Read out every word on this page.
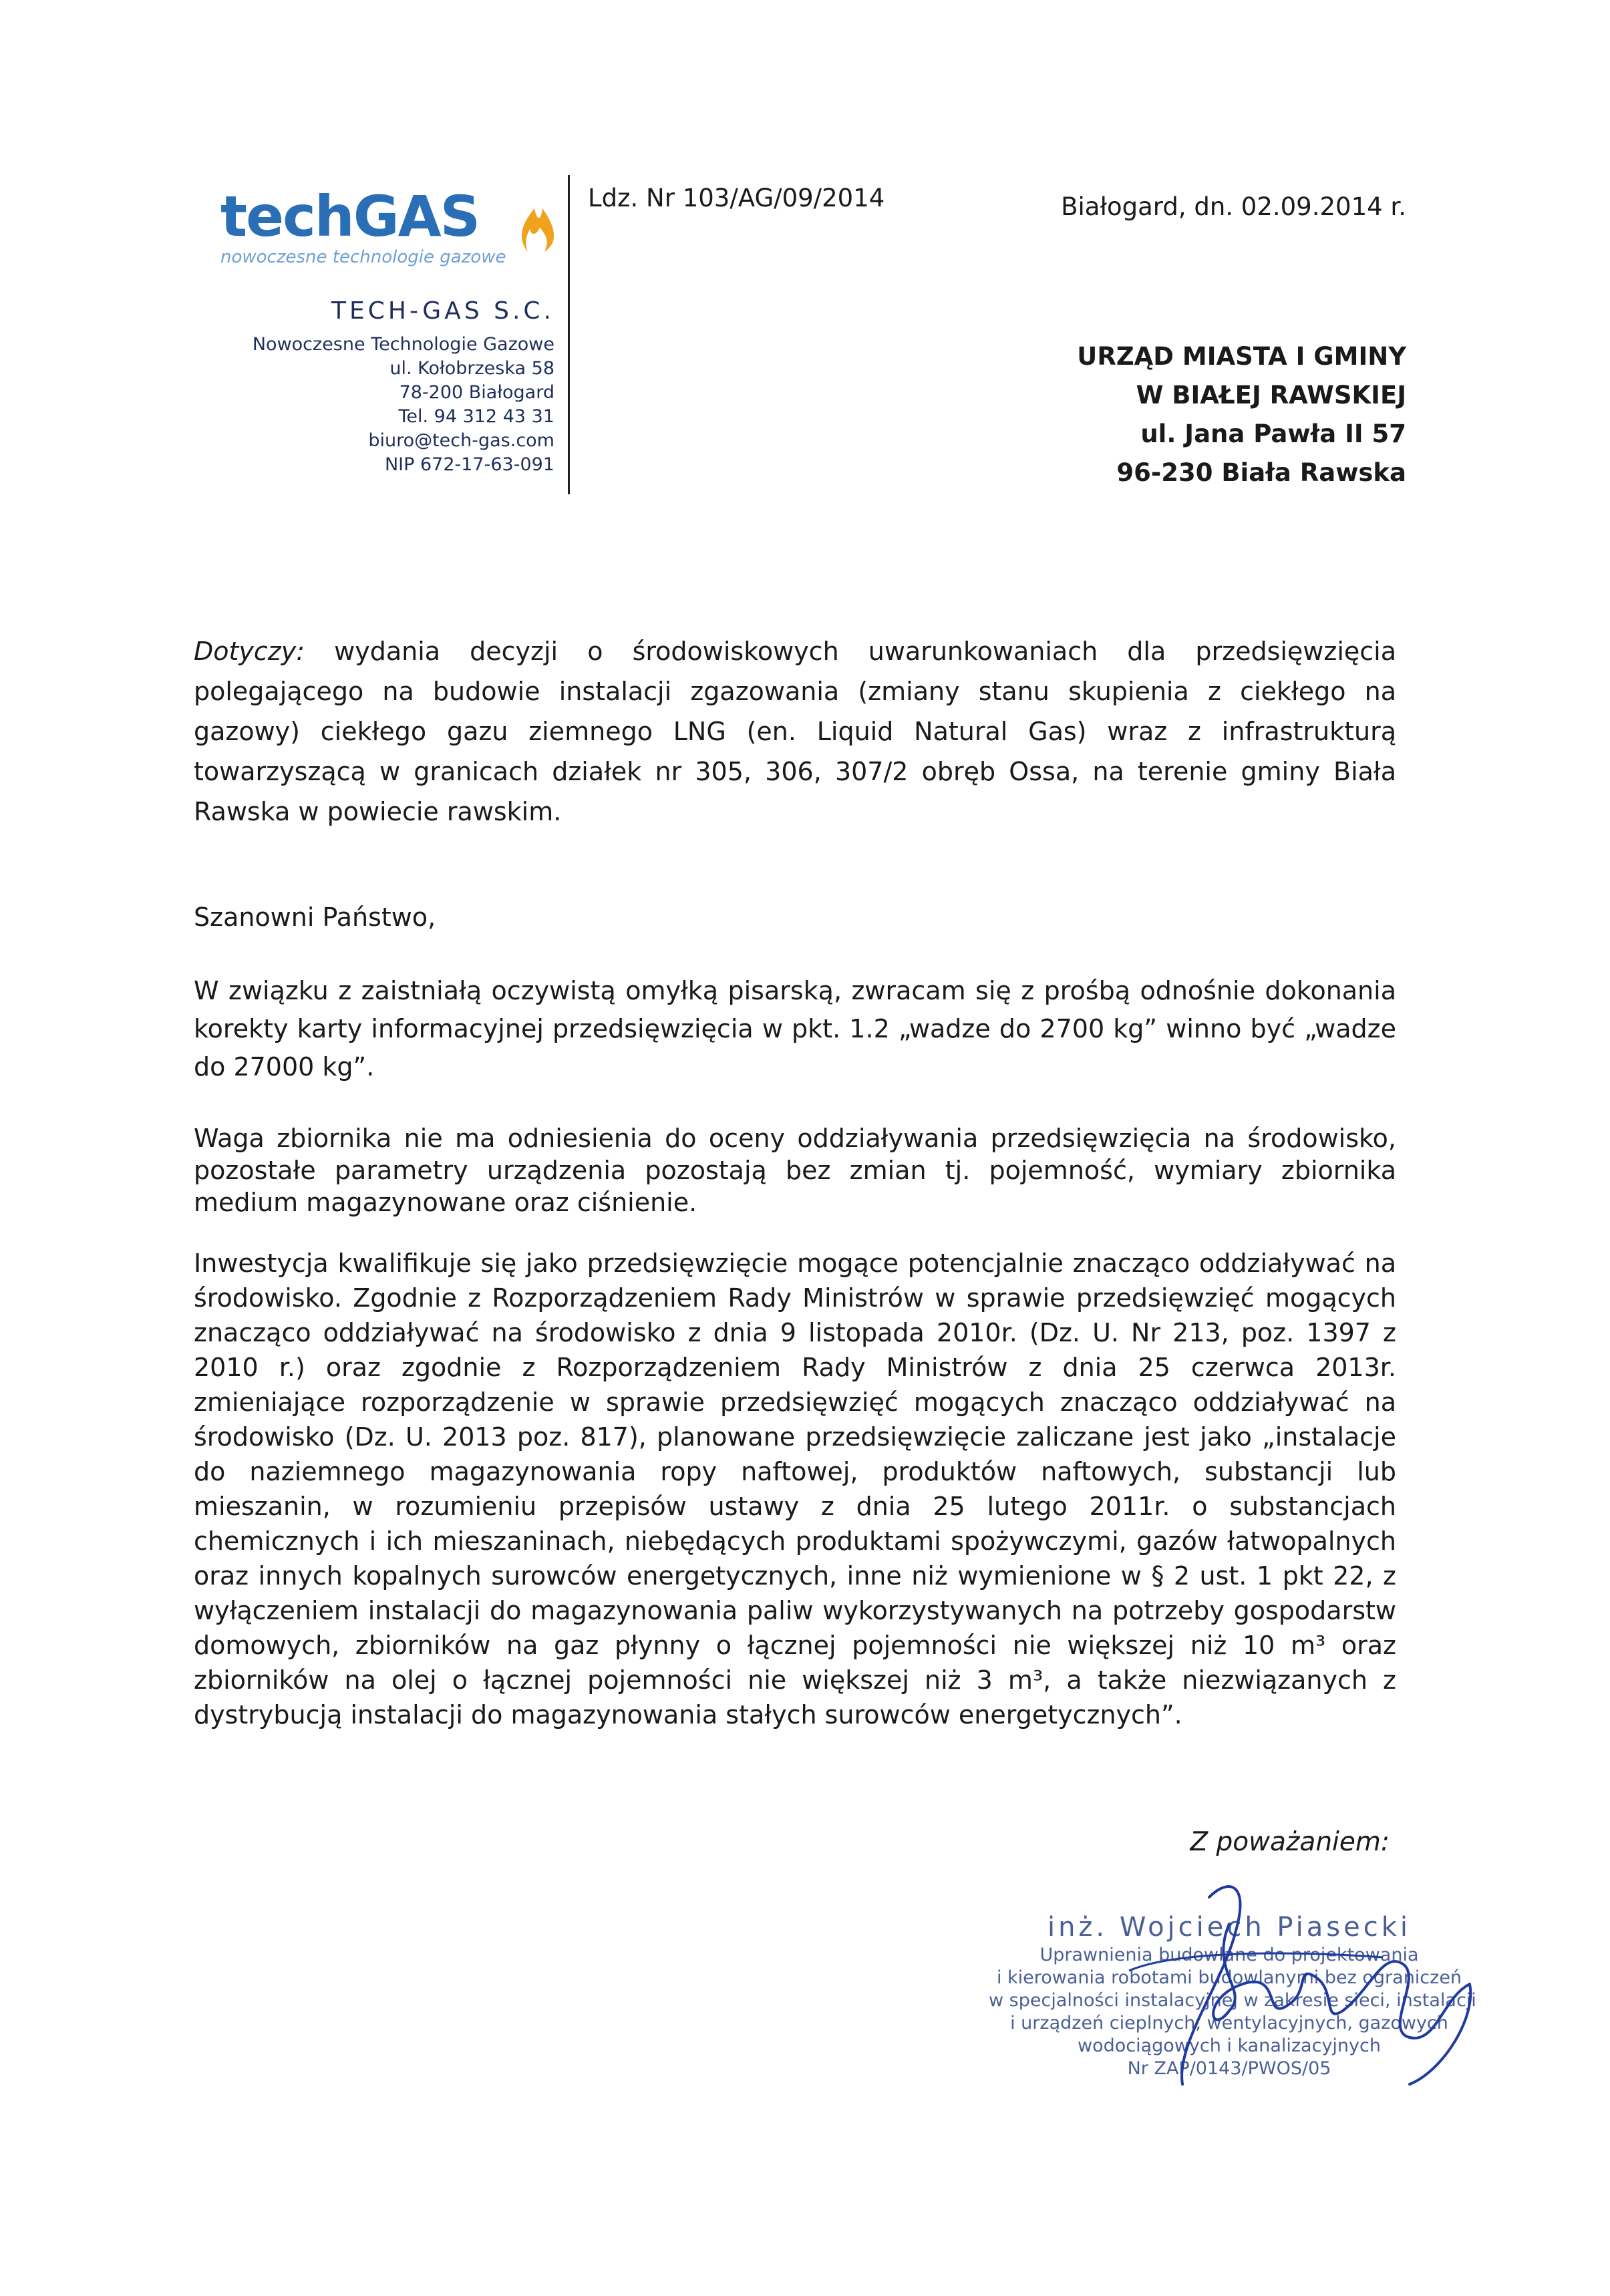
techGAS
nowoczesne technologie gazowe
TECH-GAS S.C.
Nowoczesne Technologie Gazowe
ul. Kołobrzeska 58
78-200 Białogard
Tel. 94 312 43 31
biuro@tech-gas.com
NIP 672-17-63-091
Ldz. Nr 103/AG/09/2014	Białogard, dn. 02.09.2014 r.
URZĄD MIASTA I GMINY
W BIAŁEJ RAWSKIEJ
ul. Jana Pawła II 57
96-230 Biała Rawska
Dotyczy: wydania decyzji o środowiskowych uwarunkowaniach dla przedsięwzięcia polegającego na budowie instalacji zgazowania (zmiany stanu skupienia z ciekłego na gazowy) ciekłego gazu ziemnego LNG (en. Liquid Natural Gas) wraz z infrastrukturą towarzyszącą w granicach działek nr 305, 306, 307/2 obręb Ossa, na terenie gminy Biała Rawska w powiecie rawskim.
Szanowni Państwo,
W związku z zaistniałą oczywistą omyłką pisarską, zwracam się z prośbą odnośnie dokonania korekty karty informacyjnej przedsięwzięcia w pkt. 1.2 „wadze do 2700 kg” winno być „wadze do 27000 kg”.
Waga zbiornika nie ma odniesienia do oceny oddziaływania przedsięwzięcia na środowisko, pozostałe parametry urządzenia pozostają bez zmian tj. pojemność, wymiary zbiornika medium magazynowane oraz ciśnienie.
Inwestycja kwalifikuje się jako przedsięwzięcie mogące potencjalnie znacząco oddziaływać na środowisko. Zgodnie z Rozporządzeniem Rady Ministrów w sprawie przedsięwzięć mogących znacząco oddziaływać na środowisko z dnia 9 listopada 2010r. (Dz. U. Nr 213, poz. 1397 z 2010 r.) oraz zgodnie z Rozporządzeniem Rady Ministrów z dnia 25 czerwca 2013r. zmieniające rozporządzenie w sprawie przedsięwzięć mogących znacząco oddziaływać na środowisko (Dz. U. 2013 poz. 817), planowane przedsięwzięcie zaliczane jest jako „instalacje do naziemnego magazynowania ropy naftowej, produktów naftowych, substancji lub mieszanin, w rozumieniu przepisów ustawy z dnia 25 lutego 2011r. o substancjach chemicznych i ich mieszaninach, niebędących produktami spożywczymi, gazów łatwopalnych oraz innych kopalnych surowców energetycznych, inne niż wymienione w § 2 ust. 1 pkt 22, z wyłączeniem instalacji do magazynowania paliw wykorzystywanych na potrzeby gospodarstw domowych, zbiorników na gaz płynny o łącznej pojemności nie większej niż 10 m³ oraz zbiorników na olej o łącznej pojemności nie większej niż 3 m³, a także niezwiązanych z dystrybucją instalacji do magazynowania stałych surowców energetycznych”.
Z poważaniem:
inż. Wojciech Piasecki
Uprawnienia budowlane do projektowania
i kierowania robotami budowlanymi bez ograniczeń
w specjalności instalacyjnej w zakresie sieci, instalacji
i urządzeń cieplnych, wentylacyjnych, gazowych
wodociągowych i kanalizacyjnych
Nr ZAP/0143/PWOS/05
